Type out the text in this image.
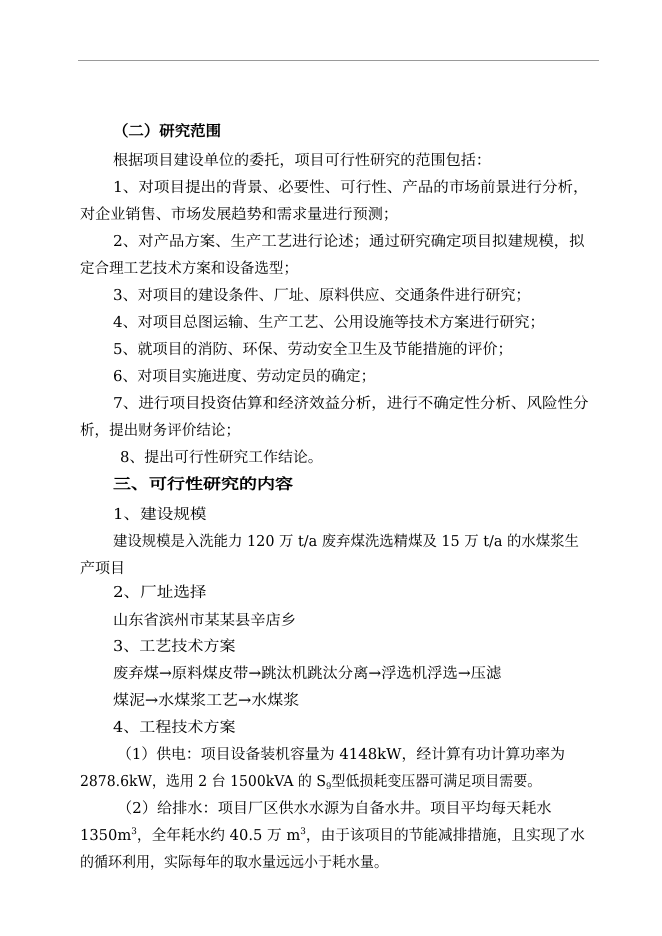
（二）研究范围
根据项目建设单位的委托，项目可行性研究的范围包括：
1、对项目提出的背景、必要性、可行性、产品的市场前景进行分析，
对企业销售、市场发展趋势和需求量进行预测；
2、对产品方案、生产工艺进行论述；通过研究确定项目拟建规模，拟
定合理工艺技术方案和设备选型；
3、对项目的建设条件、厂址、原料供应、交通条件进行研究；
4、对项目总图运输、生产工艺、公用设施等技术方案进行研究；
5、就项目的消防、环保、劳动安全卫生及节能措施的评价；
6、对项目实施进度、劳动定员的确定；
7、进行项目投资估算和经济效益分析，进行不确定性分析、风险性分
析，提出财务评价结论；
8、提出可行性研究工作结论。
三、可行性研究的内容
1、建设规模
建设规模是入洗能力 120 万 t/a 废弃煤洗选精煤及 15 万 t/a 的水煤浆生
产项目
2、厂址选择
山东省滨州市某某县辛店乡
3、工艺技术方案
废弃煤→原料煤皮带→跳汰机跳汰分离→浮选机浮选→压滤
煤泥→水煤浆工艺→水煤浆
4、工程技术方案
（1）供电：项目设备装机容量为 4148kW，经计算有功计算功率为
2878.6kW，选用 2 台 1500kVA 的 $S_9$型低损耗变压器可满足项目需要。
（2）给排水：项目厂区供水水源为自备水井。项目平均每天耗水
$1350m^3$，全年耗水约 40.5 万 $m^3$，由于该项目的节能减排措施，且实现了水
的循环利用，实际每年的取水量远远小于耗水量。
